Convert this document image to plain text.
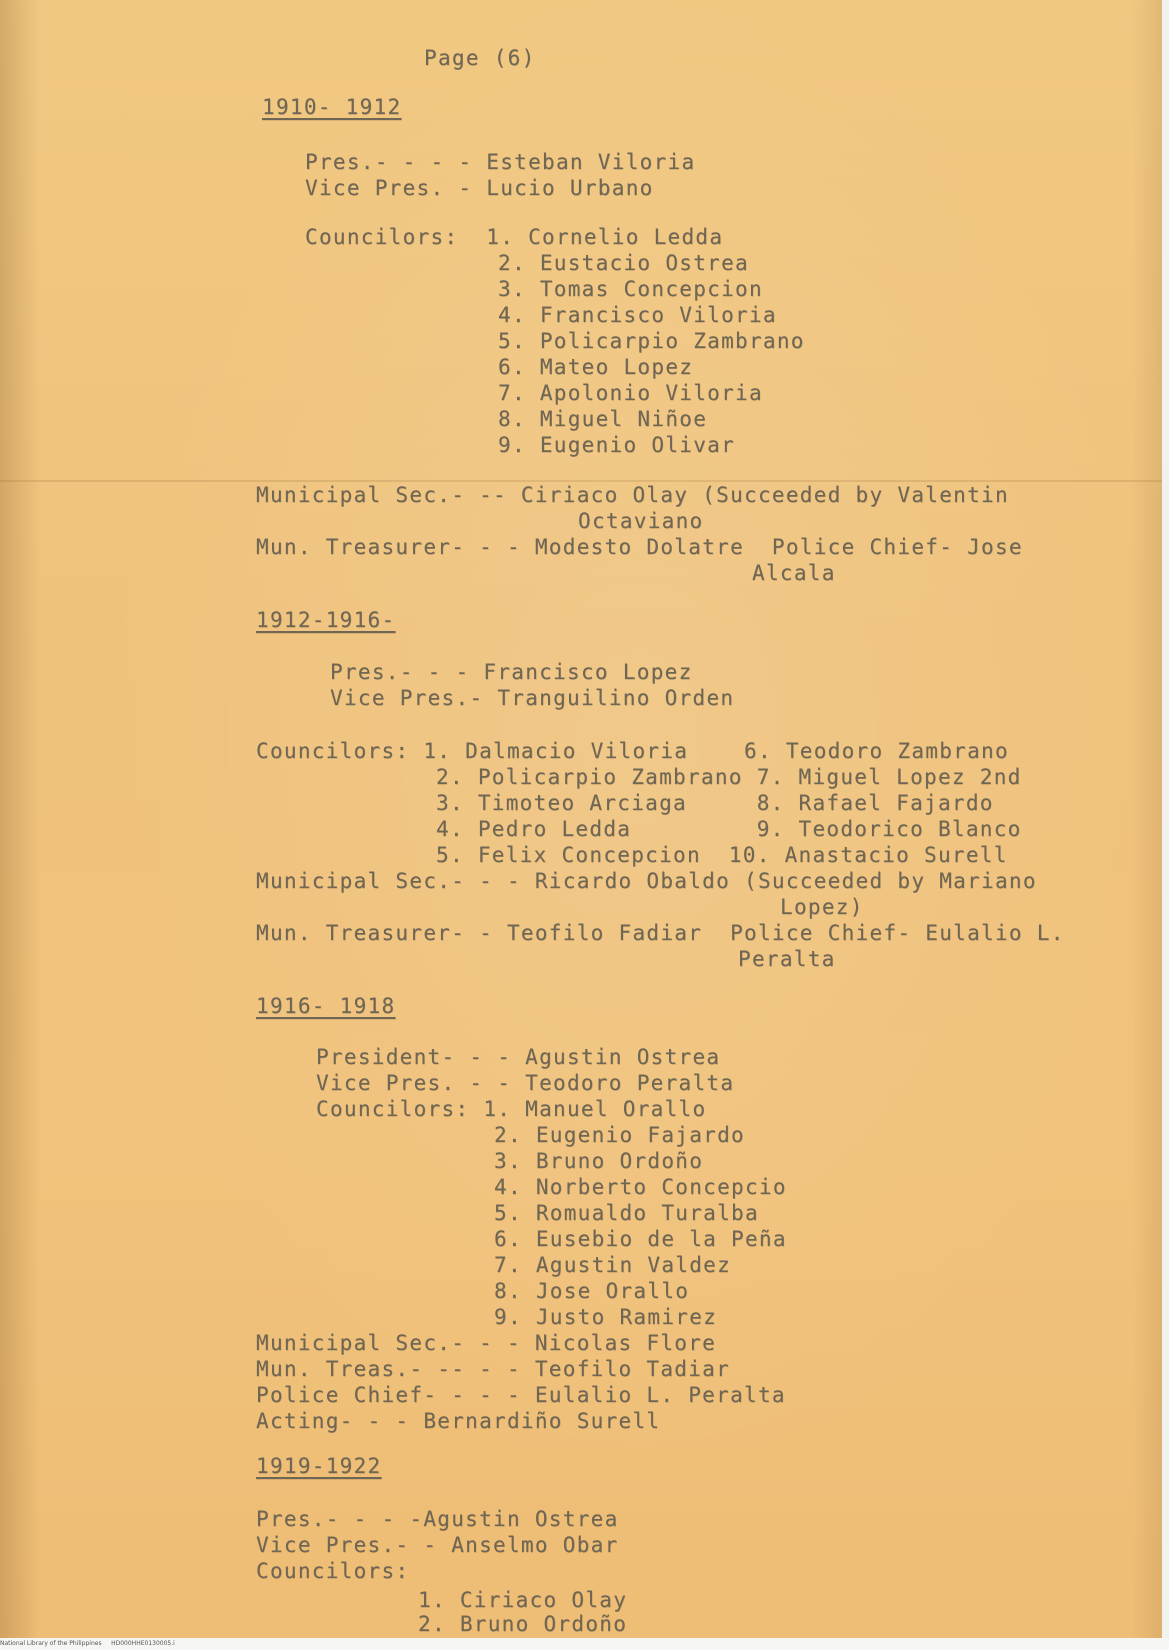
Page (6)
1910- 1912
Pres.- - - - Esteban Viloria
Vice Pres. - Lucio Urbano
Councilors:  1. Cornelio Ledda
2. Eustacio Ostrea
3. Tomas Concepcion
4. Francisco Viloria
5. Policarpio Zambrano
6. Mateo Lopez
7. Apolonio Viloria
8. Miguel Niñoe
9. Eugenio Olivar
Municipal Sec.- -- Ciriaco Olay (Succeeded by Valentin
Octaviano
Mun. Treasurer- - - Modesto Dolatre  Police Chief- Jose
Alcala
1912-1916-
Pres.- - - Francisco Lopez
Vice Pres.- Tranguilino Orden
Councilors: 1. Dalmacio Viloria    6. Teodoro Zambrano
2. Policarpio Zambrano 7. Miguel Lopez 2nd
3. Timoteo Arciaga     8. Rafael Fajardo
4. Pedro Ledda         9. Teodorico Blanco
5. Felix Concepcion  10. Anastacio Surell
Municipal Sec.- - - Ricardo Obaldo (Succeeded by Mariano
Lopez)
Mun. Treasurer- - Teofilo Fadiar  Police Chief- Eulalio L.
Peralta
1916- 1918
President- - - Agustin Ostrea
Vice Pres. - - Teodoro Peralta
Councilors: 1. Manuel Orallo
2. Eugenio Fajardo
3. Bruno Ordoño
4. Norberto Concepcio
5. Romualdo Turalba
6. Eusebio de la Peña
7. Agustin Valdez
8. Jose Orallo
9. Justo Ramirez
Municipal Sec.- - - Nicolas Flore
Mun. Treas.- -- - - Teofilo Tadiar
Police Chief- - - - Eulalio L. Peralta
Acting- - - Bernardiño Surell
1919-1922
Pres.- - - -Agustin Ostrea
Vice Pres.- - Anselmo Obar
Councilors:
1. Ciriaco Olay
2. Bruno Ordoño
National Library of the Philippines     HD000HHE0130005.i
